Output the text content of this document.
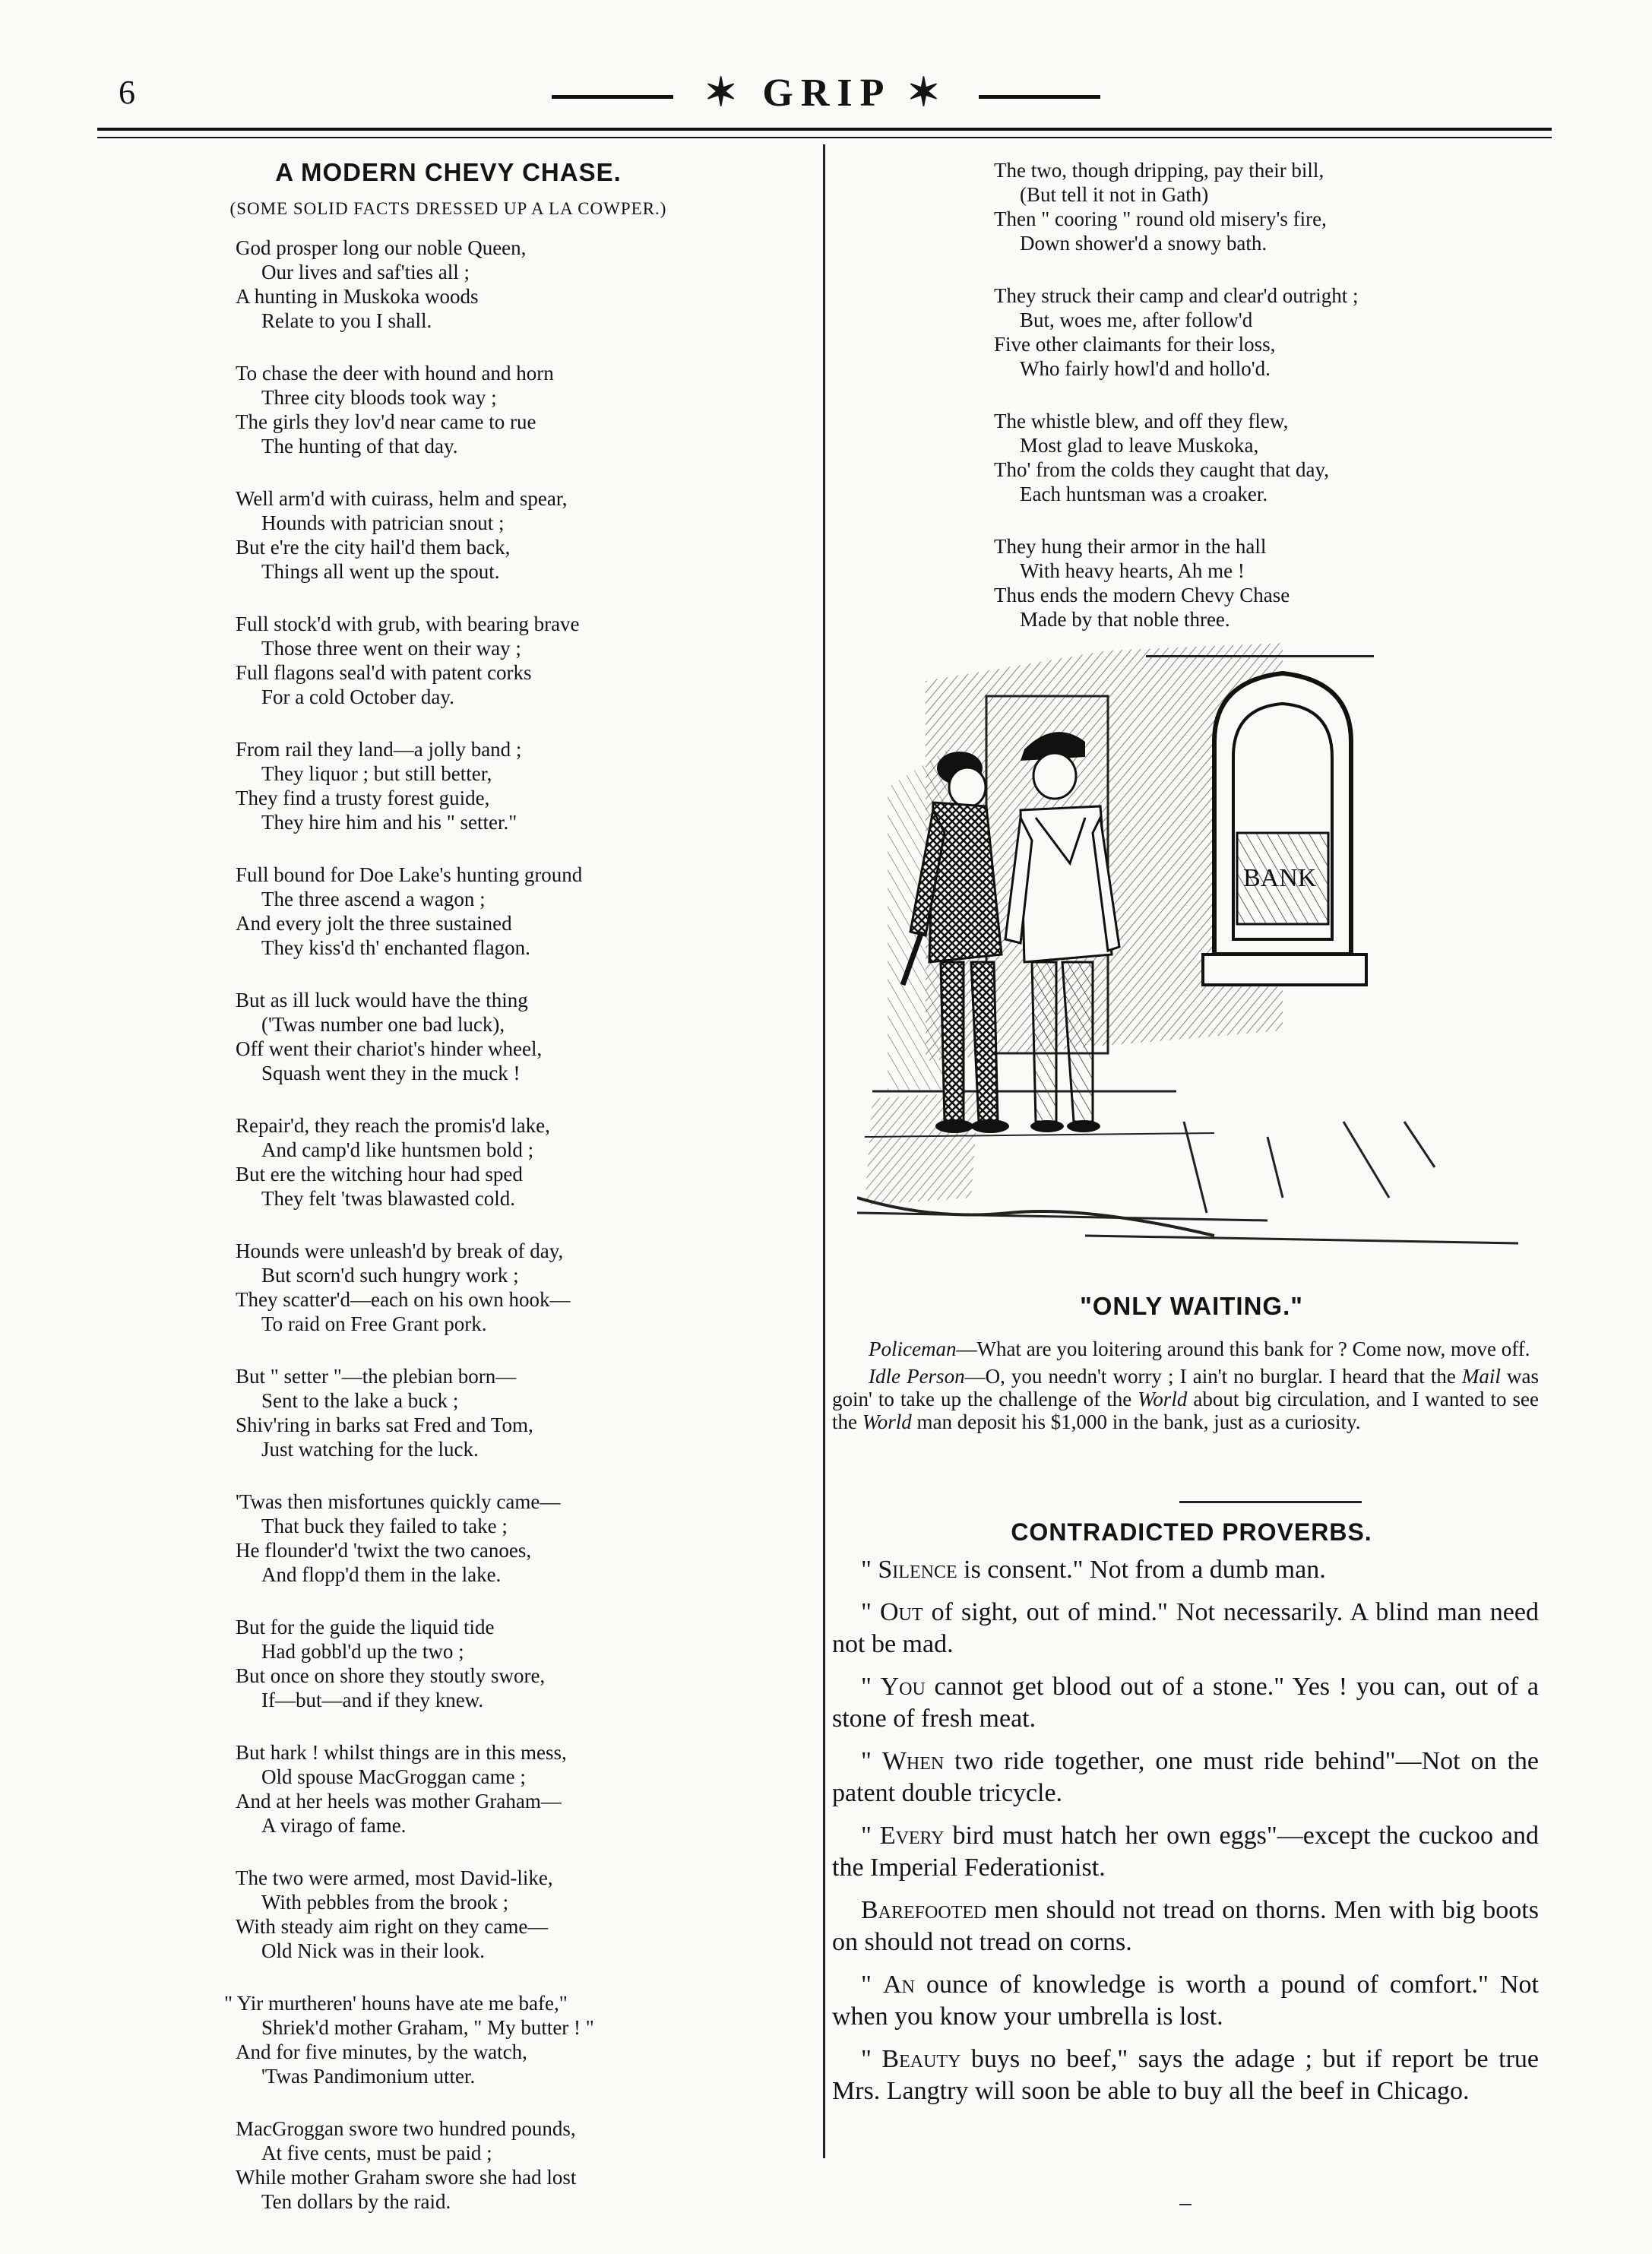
6	✶ GRIP ✶
A MODERN CHEVY CHASE.
(SOME SOLID FACTS DRESSED UP A LA COWPER.)
God prosper long our noble Queen,
Our lives and saf'ties all ;
A hunting in Muskoka woods
Relate to you I shall.
To chase the deer with hound and horn
Three city bloods took way ;
The girls they lov'd near came to rue
The hunting of that day.
Well arm'd with cuirass, helm and spear,
Hounds with patrician snout ;
But e're the city hail'd them back,
Things all went up the spout.
Full stock'd with grub, with bearing brave
Those three went on their way ;
Full flagons seal'd with patent corks
For a cold October day.
From rail they land—a jolly band ;
They liquor ; but still better,
They find a trusty forest guide,
They hire him and his " setter."
Full bound for Doe Lake's hunting ground
The three ascend a wagon ;
And every jolt the three sustained
They kiss'd th' enchanted flagon.
But as ill luck would have the thing
('Twas number one bad luck),
Off went their chariot's hinder wheel,
Squash went they in the muck !
Repair'd, they reach the promis'd lake,
And camp'd like huntsmen bold ;
But ere the witching hour had sped
They felt 'twas blawasted cold.
Hounds were unleash'd by break of day,
But scorn'd such hungry work ;
They scatter'd—each on his own hook—
To raid on Free Grant pork.
But " setter "—the plebian born—
Sent to the lake a buck ;
Shiv'ring in barks sat Fred and Tom,
Just watching for the luck.
'Twas then misfortunes quickly came—
That buck they failed to take ;
He flounder'd 'twixt the two canoes,
And flopp'd them in the lake.
But for the guide the liquid tide
Had gobbl'd up the two ;
But once on shore they stoutly swore,
If—but—and if they knew.
But hark ! whilst things are in this mess,
Old spouse MacGroggan came ;
And at her heels was mother Graham—
A virago of fame.
The two were armed, most David-like,
With pebbles from the brook ;
With steady aim right on they came—
Old Nick was in their look.
" Yir murtheren' houns have ate me bafe,"
Shriek'd mother Graham, " My butter ! "
And for five minutes, by the watch,
'Twas Pandimonium utter.
MacGroggan swore two hundred pounds,
At five cents, must be paid ;
While mother Graham swore she had lost
Ten dollars by the raid.
The two, though dripping, pay their bill,
(But tell it not in Gath)
Then " cooring " round old misery's fire,
Down shower'd a snowy bath.
They struck their camp and clear'd outright ;
But, woes me, after follow'd
Five other claimants for their loss,
Who fairly howl'd and hollo'd.
The whistle blew, and off they flew,
Most glad to leave Muskoka,
Tho' from the colds they caught that day,
Each huntsman was a croaker.
They hung their armor in the hall
With heavy hearts, Ah me !
Thus ends the modern Chevy Chase
Made by that noble three.
BANK
"ONLY WAITING."

Policeman—What are you loitering around this bank for ? Come now, move off.

Idle Person—O, you needn't worry ; I ain't no burglar. I heard that the Mail was goin' to take up the challenge of the World about big circulation, and I wanted to see the World man deposit his $1,000 in the bank, just as a curiosity.

CONTRADICTED PROVERBS.

" Silence is consent." Not from a dumb man.

" Out of sight, out of mind." Not necessarily. A blind man need not be mad.

" You cannot get blood out of a stone." Yes ! you can, out of a stone of fresh meat.

" When two ride together, one must ride behind"—Not on the patent double tricycle.

" Every bird must hatch her own eggs"—except the cuckoo and the Imperial Federationist.

Barefooted men should not tread on thorns. Men with big boots on should not tread on corns.

" An ounce of knowledge is worth a pound of comfort." Not when you know your umbrella is lost.

" Beauty buys no beef," says the adage ; but if report be true Mrs. Langtry will soon be able to buy all the beef in Chicago.
